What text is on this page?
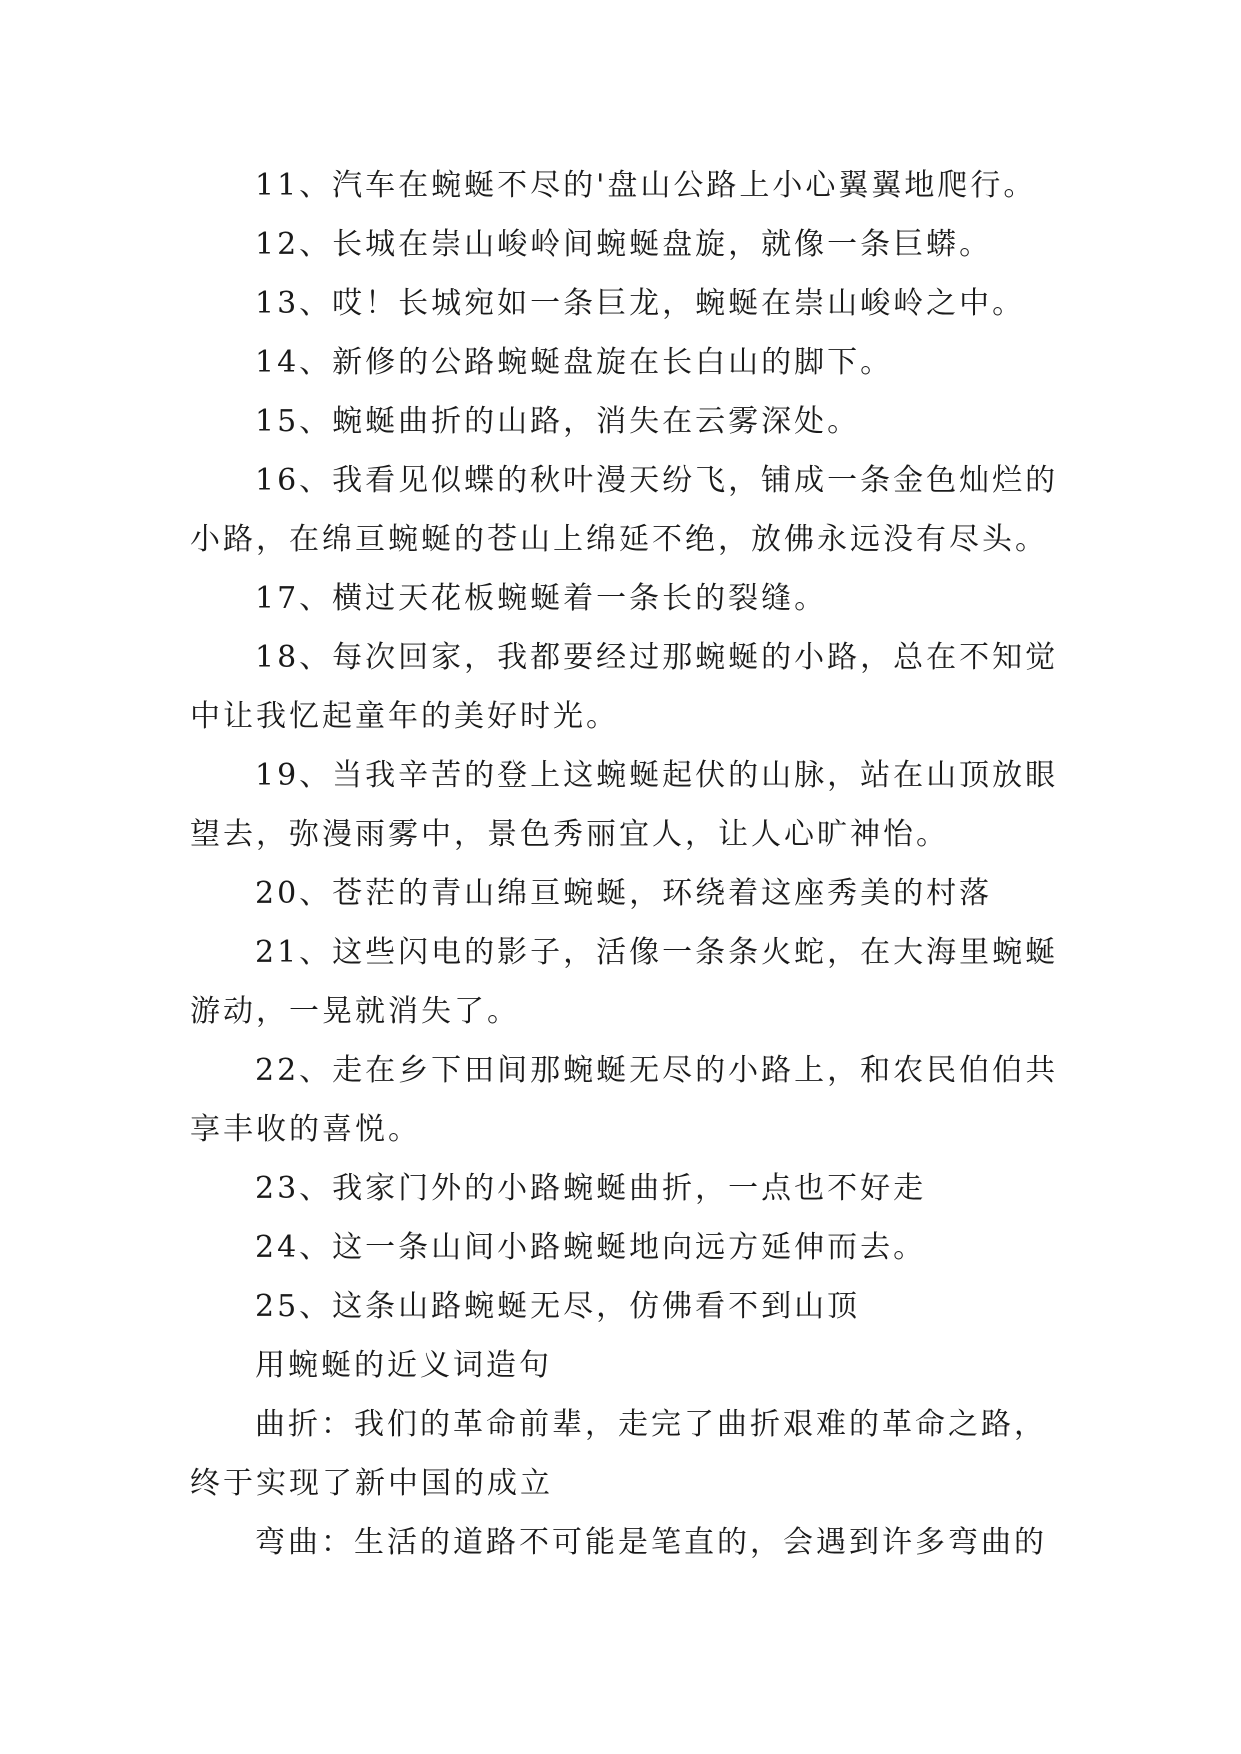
11、汽车在蜿蜒不尽的'盘山公路上小心翼翼地爬行。

12、长城在崇山峻岭间蜿蜒盘旋，就像一条巨蟒。

13、哎！长城宛如一条巨龙，蜿蜒在崇山峻岭之中。

14、新修的公路蜿蜒盘旋在长白山的脚下。

15、蜿蜒曲折的山路，消失在云雾深处。

16、我看见似蝶的秋叶漫天纷飞，铺成一条金色灿烂的小路，在绵亘蜿蜒的苍山上绵延不绝，放佛永远没有尽头。

17、横过天花板蜿蜒着一条长的裂缝。

18、每次回家，我都要经过那蜿蜒的小路，总在不知觉中让我忆起童年的美好时光。

19、当我辛苦的登上这蜿蜒起伏的山脉，站在山顶放眼望去，弥漫雨雾中，景色秀丽宜人，让人心旷神怡。

20、苍茫的青山绵亘蜿蜒，环绕着这座秀美的村落

21、这些闪电的影子，活像一条条火蛇，在大海里蜿蜒游动，一晃就消失了。

22、走在乡下田间那蜿蜒无尽的小路上，和农民伯伯共享丰收的喜悦。

23、我家门外的小路蜿蜒曲折，一点也不好走

24、这一条山间小路蜿蜒地向远方延伸而去。

25、这条山路蜿蜒无尽，仿佛看不到山顶

用蜿蜒的近义词造句

曲折：我们的革命前辈，走完了曲折艰难的革命之路，终于实现了新中国的成立

弯曲：生活的道路不可能是笔直的，会遇到许多弯曲的
